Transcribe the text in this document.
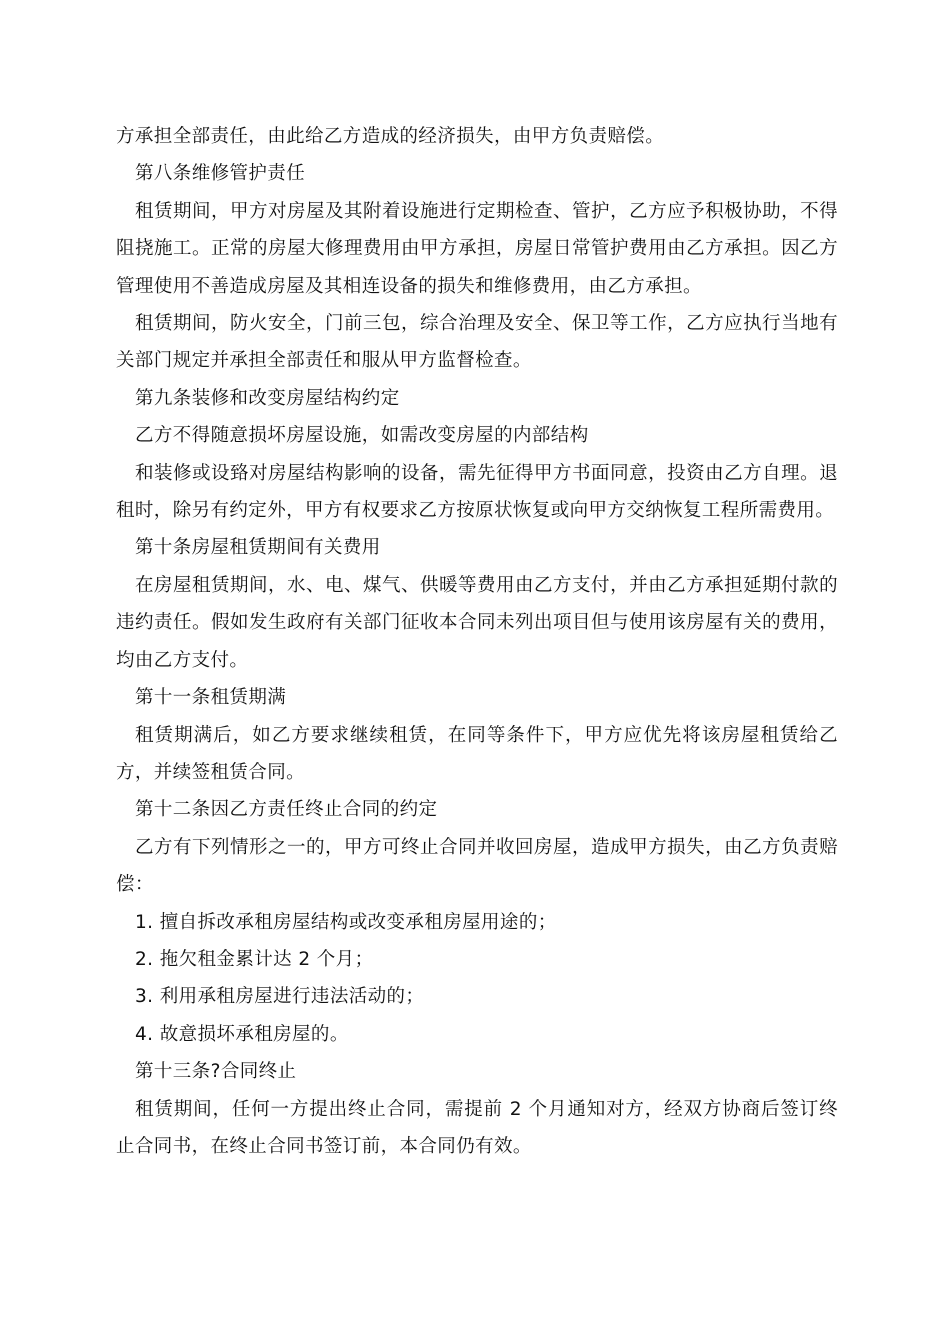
方承担全部责任，由此给乙方造成的经济损失，由甲方负责赔偿。

第八条维修管护责任

租赁期间，甲方对房屋及其附着设施进行定期检查、管护，乙方应予积极协助，不得阻挠施工。正常的房屋大修理费用由甲方承担，房屋日常管护费用由乙方承担。因乙方管理使用不善造成房屋及其相连设备的损失和维修费用，由乙方承担。

租赁期间，防火安全，门前三包，综合治理及安全、保卫等工作，乙方应执行当地有关部门规定并承担全部责任和服从甲方监督检查。

第九条装修和改变房屋结构约定

乙方不得随意损坏房屋设施，如需改变房屋的内部结构

和装修或设臵对房屋结构影响的设备，需先征得甲方书面同意，投资由乙方自理。退租时，除另有约定外，甲方有权要求乙方按原状恢复或向甲方交纳恢复工程所需费用。

第十条房屋租赁期间有关费用

在房屋租赁期间，水、电、煤气、供暖等费用由乙方支付，并由乙方承担延期付款的违约责任。假如发生政府有关部门征收本合同未列出项目但与使用该房屋有关的费用，均由乙方支付。

第十一条租赁期满

租赁期满后，如乙方要求继续租赁，在同等条件下，甲方应优先将该房屋租赁给乙方，并续签租赁合同。

第十二条因乙方责任终止合同的约定

乙方有下列情形之一的，甲方可终止合同并收回房屋，造成甲方损失，由乙方负责赔偿：

1. 擅自拆改承租房屋结构或改变承租房屋用途的；

2. 拖欠租金累计达 2 个月；

3. 利用承租房屋进行违法活动的；

4. 故意损坏承租房屋的。

第十三条?合同终止

租赁期间，任何一方提出终止合同，需提前 2 个月通知对方，经双方协商后签订终止合同书，在终止合同书签订前，本合同仍有效。
